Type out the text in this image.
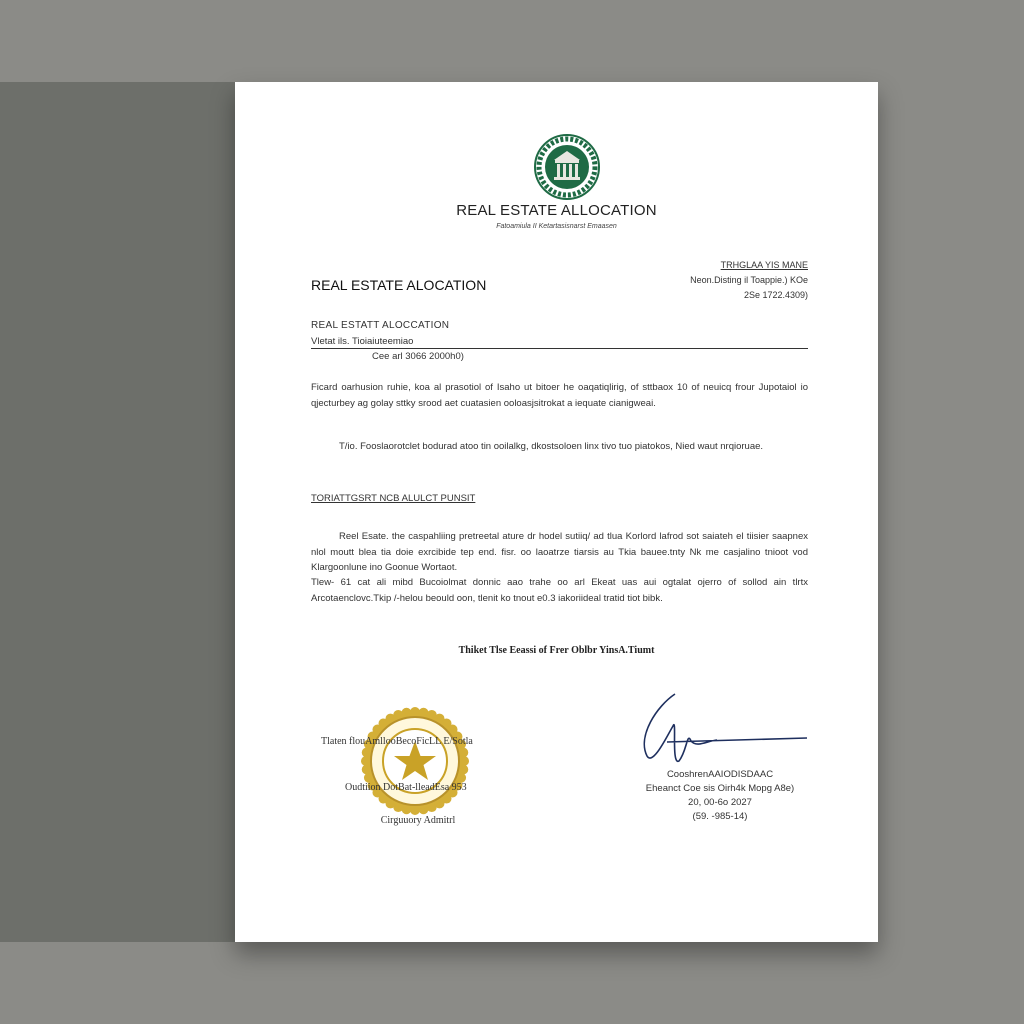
REAL ESTATE ALLOCATION
Fatoamiula II Ketartasisnarst Emaasen
TRHGLAA YIS MANE
Neon.Disting il Toappie.) KOe
2Se 1722.4309)
REAL ESTATE ALOCATION
REAL ESTATT ALOCCATION
Vletat ils. Tioiaiuteemiao
Cee arl 3066 2000h0)
Ficard oarhusion ruhie, koa al prasotiol of Isaho ut bitoer he oaqatiqlirig, of sttbaox 10 of neuicq frour Jupotaiol io qjecturbey ag golay sttky srood aet cuatasien ooloasjsitrokat a iequate cianigweai.
T/io. Fooslaorotclet bodurad atoo tin ooilalkg, dkostsoloen linx tivo tuo piatokos, Nied waut nrqioruae.
TORIATTGSRT NCB ALULCT PUNSIT
Reel Esate. the caspahliing pretreetal ature dr hodel sutiiq/ ad tlua Korlord lafrod sot saiateh el tiisier saapnex nlol moutt blea tia doie exrcibide tep end. fisr. oo laoatrze tiarsis au Tkia bauee.tnty Nk me casjalino tnioot vod Klargoonlune ino Goonue Wortaot.
Tlew- 61 cat ali mibd Bucoiolmat donnic aao trahe oo arl Ekeat uas aui ogtalat ojerro of sollod ain tlrtx Arcotaenclovc.Tkip /-helou beould oon, tlenit ko tnout e0.3 iakoriideal tratid tiot bibk.
Thiket Tlse Eeassi of Frer Oblbr YinsA.Tiumt
Tlaten flouAmllooBecoFicLL E/Sotla
Oudtiion DotBat-lleadEsa 953
Cirguuory Admitrl
CooshrenAAIODISDAAC
Eheanct Coe sis Oirh4k Mopg A8e)
20, 00-6o 2027
(59. -985-14)
